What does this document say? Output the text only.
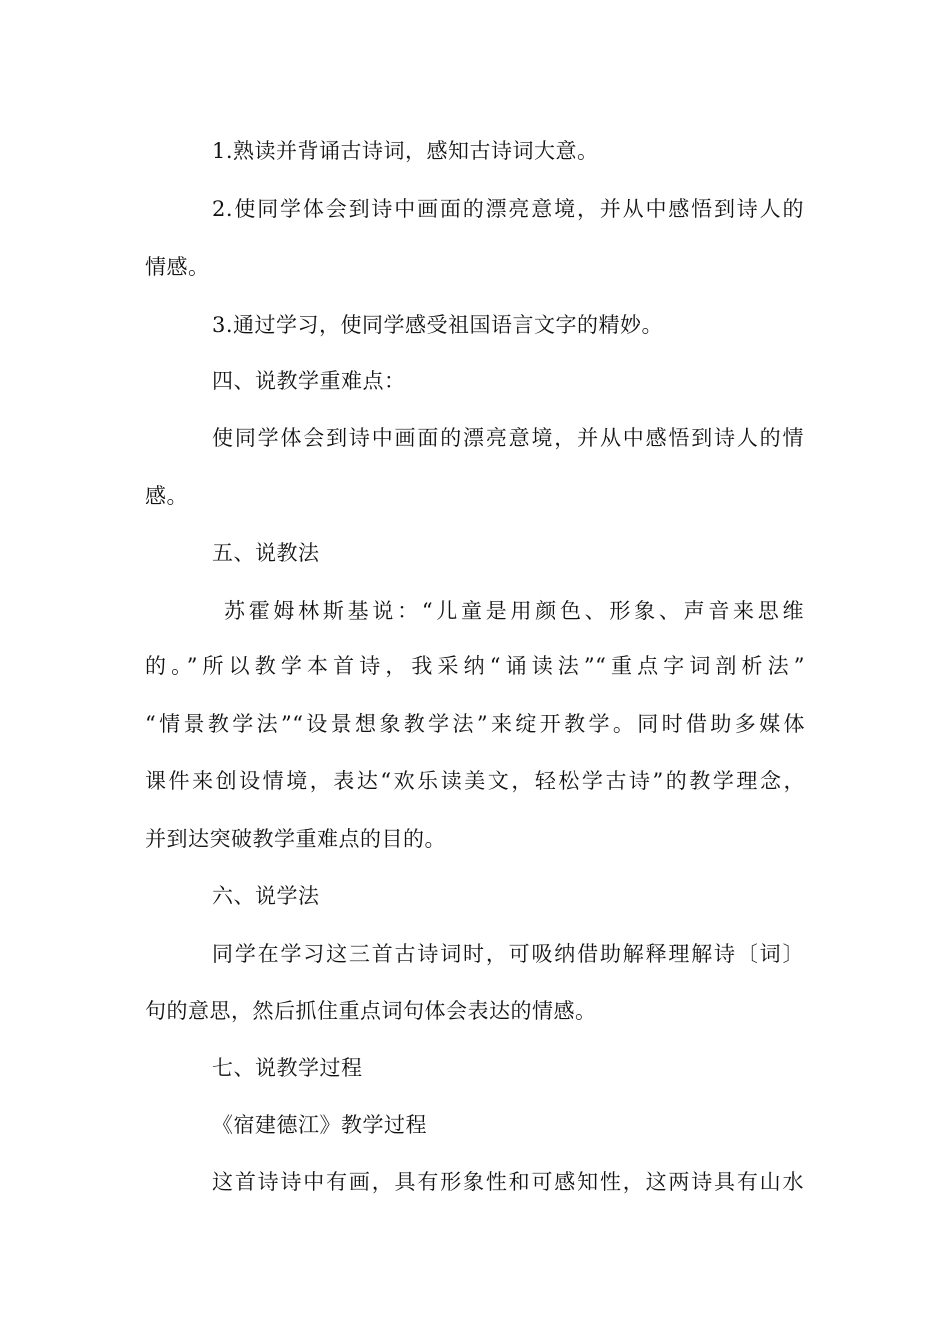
1.熟读并背诵古诗词，感知古诗词大意。
2.使同学体会到诗中画面的漂亮意境，并从中感悟到诗人的
情感。
3.通过学习，使同学感受祖国语言文字的精妙。
四、说教学重难点：
使同学体会到诗中画面的漂亮意境，并从中感悟到诗人的情
感。
五、说教法
苏霍姆林斯基说：“儿童是用颜色、形象、声音来思维
的。”所以教学本首诗，我采纳“诵读法”“重点字词剖析法”
“情景教学法”“设景想象教学法”来绽开教学。同时借助多媒体
课件来创设情境，表达“欢乐读美文，轻松学古诗”的教学理念，
并到达突破教学重难点的目的。
六、说学法
同学在学习这三首古诗词时，可吸纳借助解释理解诗〔词〕
句的意思，然后抓住重点词句体会表达的情感。
七、说教学过程
《宿建德江》教学过程
这首诗诗中有画，具有形象性和可感知性，这两诗具有山水
